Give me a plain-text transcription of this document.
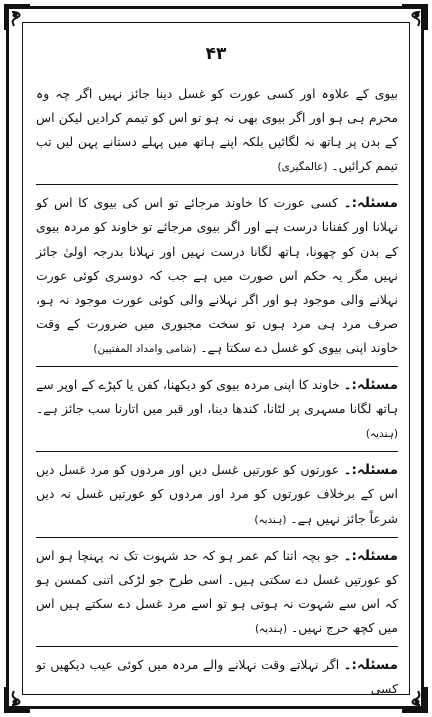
۴۳

بیوی کے علاوہ اور کسی عورت کو غسل دینا جائز نہیں اگر چہ وہ محرم ہی ہو اور اگر بیوی بھی نہ ہو تو اس کو تیمم کرادیں لیکن اس کے بدن پر ہاتھ نہ لگائیں بلکہ اپنے ہاتھ میں پہلے دستانے پہن لیں تب تیمم کرائیں۔ (عالمگیری)

مسئلہ:۔ کسی عورت کا خاوند مرجائے تو اس کی بیوی کا اس کو نہلانا اور کفنانا درست ہے اور اگر بیوی مرجائے تو خاوند کو مردہ بیوی کے بدن کو چھونا، ہاتھ لگانا درست نہیں اور نہلانا بدرجہ اولیٰ جائز نہیں مگر یہ حکم اس صورت میں ہے جب کہ دوسری کوئی عورت نہلانے والی موجود ہو اور اگر نہلانے والی کوئی عورت موجود نہ ہو، صرف مرد ہی مرد ہوں تو سخت مجبوری میں ضرورت کے وقت خاوند اپنی بیوی کو غسل دے سکتا ہے۔ (شامی وامداد المفتیین)

مسئلہ:۔ خاوند کا اپنی مردہ بیوی کو دیکھنا، کفن یا کپڑے کے اوپر سے ہاتھ لگانا مسہری پر لٹانا، کندھا دینا، اور قبر میں اتارنا سب جائز ہے۔ (ہندیہ)

مسئلہ:۔ عورتوں کو عورتیں غسل دیں اور مردوں کو مرد غسل دیں اس کے برخلاف عورتوں کو مرد اور مردوں کو عورتیں غسل نہ دیں شرعاً جائز نہیں ہے۔ (ہندیہ)

مسئلہ:۔ جو بچہ اتنا کم عمر ہو کہ حد شہوت تک نہ پہنچا ہو اس کو عورتیں غسل دے سکتی ہیں۔ اسی طرح جو لڑکی اتنی کمسن ہو کہ اس سے شہوت نہ ہوتی ہو تو اسے مرد غسل دے سکتے ہیں اس میں کچھ حرج نہیں۔ (ہندیہ)

مسئلہ:۔ اگر نہلاتے وقت نہلانے والے مردہ میں کوئی عیب دیکھیں تو کسی
